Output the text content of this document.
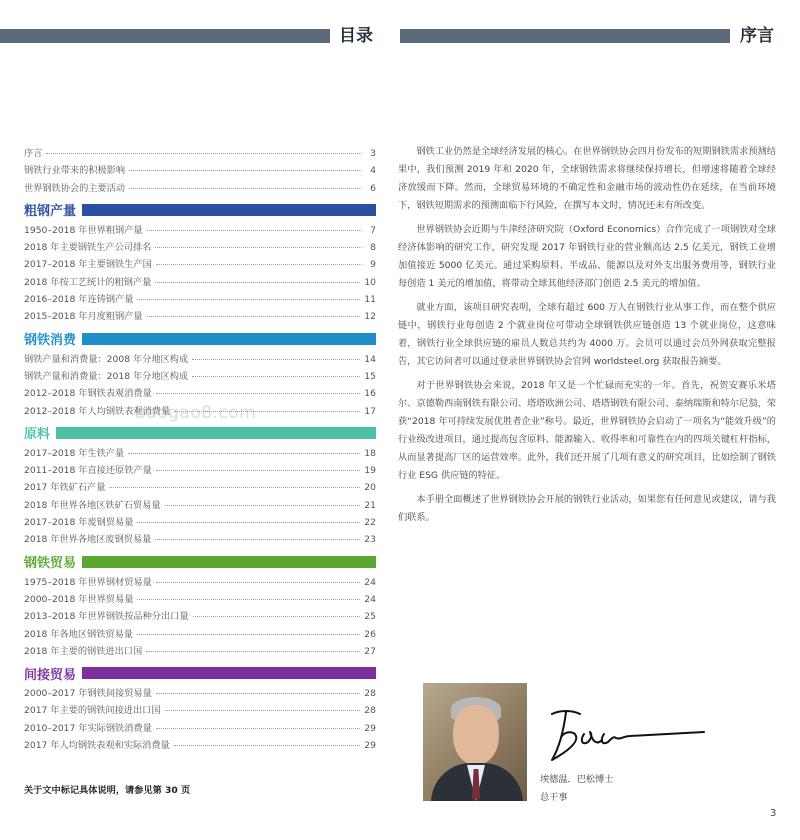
目录	序言
序言	3
钢铁行业带来的积极影响	4
世界钢铁协会的主要活动	6
粗钢产量
1950–2018 年世界粗钢产量	7
2018 年主要钢铁生产公司排名	8
2017–2018 年主要钢铁生产国	9
2018 年按工艺统计的粗钢产量	10
2016–2018 年连铸钢产量	11
2015–2018 年月度粗钢产量	12
钢铁消费
钢铁产量和消费量：2008 年分地区构成	14
钢铁产量和消费量：2018 年分地区构成	15
2012–2018 年钢铁表观消费量	16
2012–2018 年人均钢铁表观消费量	17
原料
2017–2018 年生铁产量	18
2011–2018 年直接还原铁产量	19
2017 年铁矿石产量	20
2018 年世界各地区铁矿石贸易量	21
2017–2018 年废钢贸易量	22
2018 年世界各地区废钢贸易量	23
钢铁贸易
1975–2018 年世界钢材贸易量	24
2000–2018 年世界贸易量	24
2013–2018 年世界钢铁按品种分出口量	25
2018 年各地区钢铁贸易量	26
2018 年主要的钢铁进出口国	27
间接贸易
2000–2017 年钢铁间接贸易量	28
2017 年主要的钢铁间接进出口国	28
2010–2017 年实际钢铁消费量	29
2017 年人均钢铁表观和实际消费量	29
关于文中标记具体说明，请参见第 30 页
baogao8.com

钢铁工业仍然是全球经济发展的核心。在世界钢铁协会四月份发布的短期钢铁需求预测结果中，我们预测 2019 年和 2020 年，全球钢铁需求将继续保持增长，但增速将随着全球经济放缓而下降。然而，全球贸易环境的不确定性和金融市场的波动性仍在延续，在当前环境下，钢铁短期需求的预测面临下行风险，在撰写本文时，情况还未有所改变。

世界钢铁协会近期与牛津经济研究院（Oxford Economics）合作完成了一项钢铁对全球经济体影响的研究工作，研究发现 2017 年钢铁行业的营业额高达 2.5 亿美元，钢铁工业增加值接近 5000 亿美元。通过采购原料、半成品、能源以及对外支出服务费用等，钢铁行业每创造 1 美元的增加值，将带动全球其他经济部门创造 2.5 美元的增加值。

就业方面，该项目研究表明，全球有超过 600 万人在钢铁行业从事工作，而在整个供应链中，钢铁行业每创造 2 个就业岗位可带动全球钢铁供应链创造 13 个就业岗位，这意味着，钢铁行业全球供应链的雇员人数总共约为 4000 万。会员可以通过会员外网获取完整报告，其它访问者可以通过登录世界钢铁协会官网 worldsteel.org 获取报告摘要。

对于世界钢铁协会来说，2018 年又是一个忙碌而充实的一年。首先，祝贺安赛乐米塔尔、京德勒西南钢铁有限公司、塔塔欧洲公司、塔塔钢铁有限公司、泰纳瑞斯和特尔尼翁，荣获“2018 年可持续发展优胜者企业”称号。最近，世界钢铁协会启动了一项名为“能效升级”的行业级改进项目，通过提高包含原料、能源输入、收得率和可靠性在内的四项关键杠杆指标，从而显著提高厂区的运营效率。此外，我们还开展了几项有意义的研究项目，比如绘制了钢铁行业 ESG 供应链的特征。

本手册全面概述了世界钢铁协会开展的钢铁行业活动，如果您有任何意见或建议，请与我们联系。

埃德温．巴松博士
总干事
3
